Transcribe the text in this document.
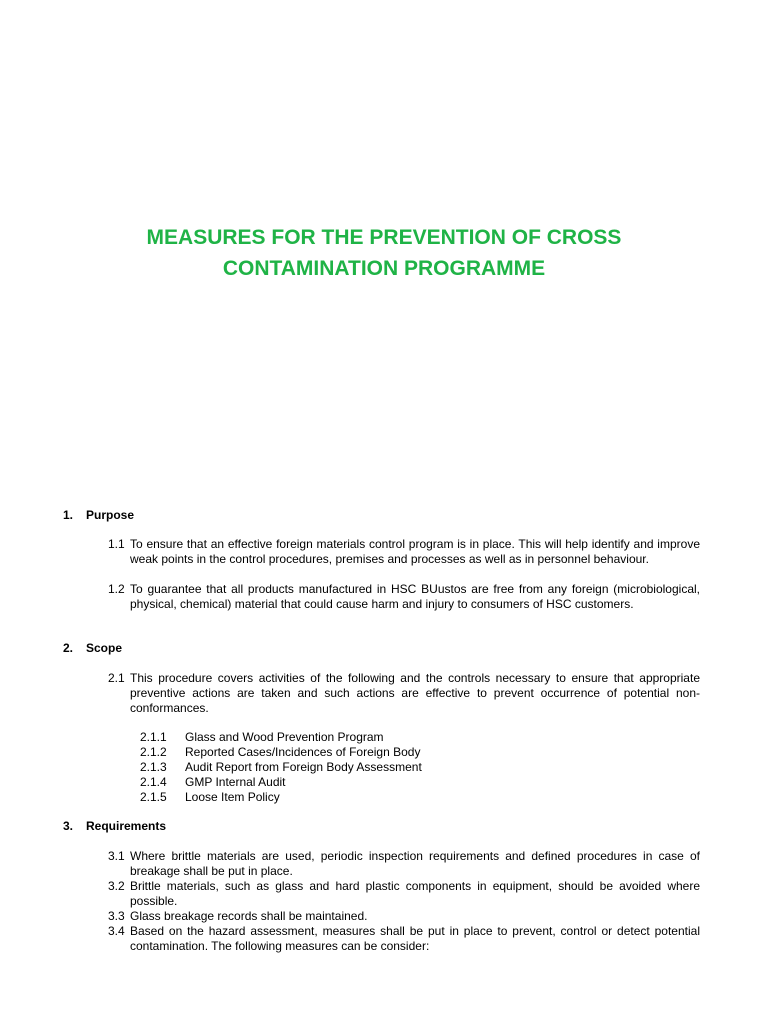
MEASURES FOR THE PREVENTION OF CROSS
CONTAMINATION PROGRAMME
1. Purpose
1.1 To ensure that an effective foreign materials control program is in place. This will help identify and improve weak points in the control procedures, premises and processes as well as in personnel behaviour.
1.2 To guarantee that all products manufactured in HSC BUustos are free from any foreign (microbiological, physical, chemical) material that could cause harm and injury to consumers of HSC customers.
2. Scope
2.1 This procedure covers activities of the following and the controls necessary to ensure that appropriate preventive actions are taken and such actions are effective to prevent occurrence of potential non-conformances.
2.1.1 Glass and Wood Prevention Program
2.1.2 Reported Cases/Incidences of Foreign Body
2.1.3 Audit Report from Foreign Body Assessment
2.1.4 GMP Internal Audit
2.1.5 Loose Item Policy
3. Requirements
3.1 Where brittle materials are used, periodic inspection requirements and defined procedures in case of breakage shall be put in place.
3.2 Brittle materials, such as glass and hard plastic components in equipment, should be avoided where possible.
3.3 Glass breakage records shall be maintained.
3.4 Based on the hazard assessment, measures shall be put in place to prevent, control or detect potential contamination. The following measures can be consider:
